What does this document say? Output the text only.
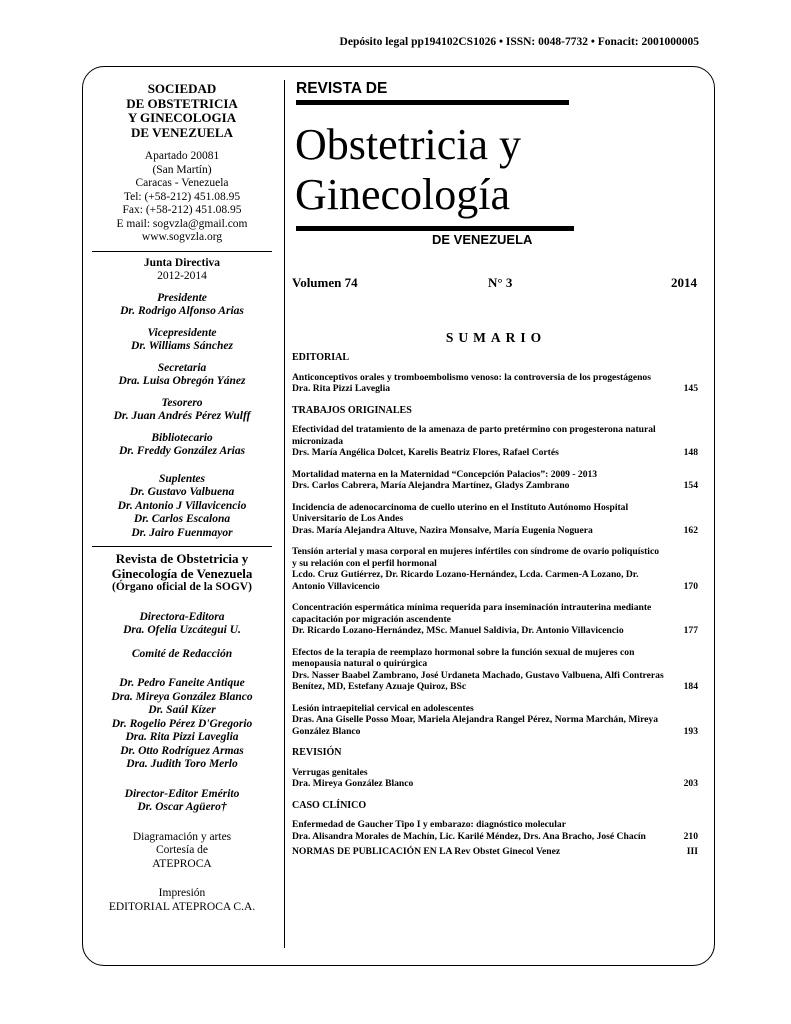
Depósito legal pp194102CS1026 • ISSN: 0048-7732 • Fonacit: 2001000005
SOCIEDAD
DE OBSTETRICIA
Y GINECOLOGIA
DE VENEZUELA
Apartado 20081
(San Martín)
Caracas - Venezuela
Tel: (+58-212) 451.08.95
Fax: (+58-212) 451.08.95
E mail: sogvzla@gmail.com
www.sogvzla.org
Junta Directiva
2012-2014
Presidente
Dr. Rodrigo Alfonso Arias
Vicepresidente
Dr. Williams Sánchez
Secretaria
Dra. Luisa Obregón Yánez
Tesorero
Dr. Juan Andrés Pérez Wulff
Bibliotecario
Dr. Freddy González Arias
Suplentes
Dr. Gustavo Valbuena
Dr. Antonio J Villavicencio
Dr. Carlos Escalona
Dr. Jairo Fuenmayor
Revista de Obstetricia y
Ginecología de Venezuela
(Órgano oficial de la SOGV)
Directora-Editora
Dra. Ofelia Uzcátegui U.
Comité de Redacción
Dr. Pedro Faneite Antique
Dra. Mireya González Blanco
Dr. Saúl Kízer
Dr. Rogelio Pérez D'Gregorio
Dra. Rita Pizzi Laveglia
Dr. Otto Rodríguez Armas
Dra. Judith Toro Merlo
Director-Editor Emérito
Dr. Oscar Agüero†
Diagramación y artes
Cortesía de
ATEPROCA
Impresión
EDITORIAL ATEPROCA C.A.
REVISTA DE
Obstetricia y
Ginecología
DE VENEZUELA
Volumen 74	N° 3	2014
SUMARIO
EDITORIAL
Anticonceptivos orales y tromboembolismo venoso: la controversia de los progestágenos
Dra. Rita Pizzi Laveglia	145
TRABAJOS ORIGINALES
Efectividad del tratamiento de la amenaza de parto pretérmino con progesterona natural micronizada
Drs. María Angélica Dolcet, Karelis Beatriz Flores, Rafael Cortés	148
Mortalidad materna en la Maternidad “Concepción Palacios”: 2009 - 2013
Drs. Carlos Cabrera, María Alejandra Martínez, Gladys Zambrano	154
Incidencia de adenocarcinoma de cuello uterino en el Instituto Autónomo Hospital Universitario de Los Andes
Dras. María Alejandra Altuve, Nazira Monsalve, María Eugenia Noguera	162
Tensión arterial y masa corporal en mujeres infértiles con síndrome de ovario poliquístico y su relación con el perfil hormonal
Lcdo. Cruz Gutiérrez, Dr. Ricardo Lozano-Hernández, Lcda. Carmen-A Lozano, Dr. Antonio Villavicencio	170
Concentración espermática mínima requerida para inseminación intrauterina mediante capacitación por migración ascendente
Dr. Ricardo Lozano-Hernández, MSc. Manuel Saldivia, Dr. Antonio Villavicencio	177
Efectos de la terapia de reemplazo hormonal sobre la función sexual de mujeres con menopausia natural o quirúrgica
Drs. Nasser Baabel Zambrano, José Urdaneta Machado, Gustavo Valbuena, Alfi Contreras Benítez, MD, Estefany Azuaje Quiroz, BSc	184
Lesión intraepitelial cervical en adolescentes
Dras. Ana Giselle Posso Moar, Mariela Alejandra Rangel Pérez, Norma Marchán, Mireya González Blanco	193
REVISIÓN
Verrugas genitales
Dra. Mireya González Blanco	203
CASO CLÍNICO
Enfermedad de Gaucher Tipo I y embarazo: diagnóstico molecular
Dra. Alisandra Morales de Machín, Lic. Karilé Méndez, Drs. Ana Bracho, José Chacín	210
NORMAS DE PUBLICACIÓN EN LA Rev Obstet Ginecol Venez	III
